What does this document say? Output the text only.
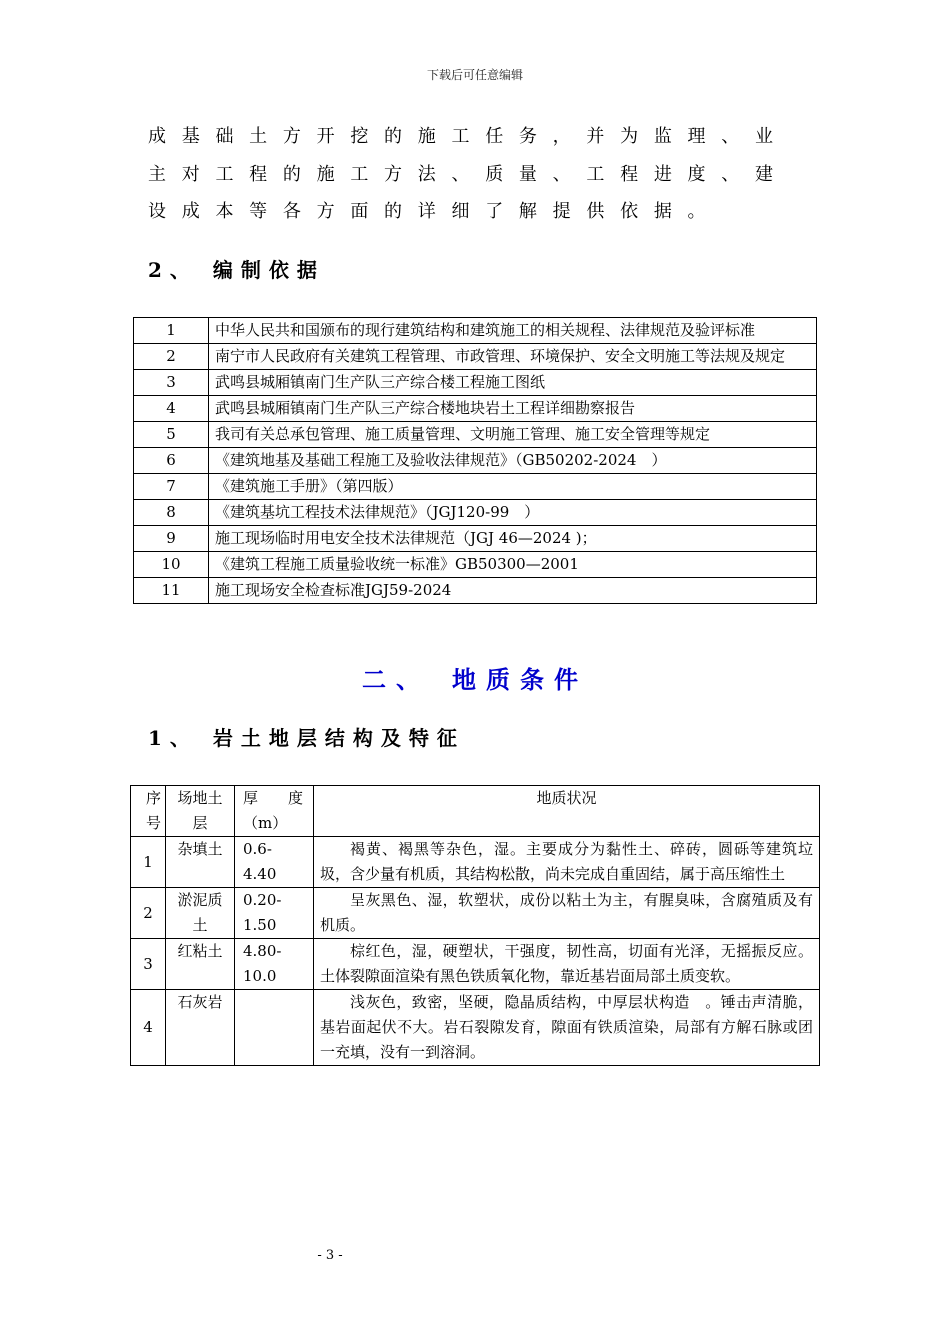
下载后可任意编辑
成 基 础 土 方 开 挖 的 施 工 任 务 ， 并 为 监 理 、 业
主 对 工 程 的 施 工 方 法 、 质 量 、 工 程 进 度 、 建
设 成 本 等 各 方 面 的 详 细 了 解 提 供 依 据 。
2、 编制依据
1	中华人民共和国颁布的现行建筑结构和建筑施工的相关规程、法律规范及验评标准
2	南宁市人民政府有关建筑工程管理、市政管理、环境保护、安全文明施工等法规及规定
3	武鸣县城厢镇南门生产队三产综合楼工程施工图纸
4	武鸣县城厢镇南门生产队三产综合楼地块岩土工程详细勘察报告
5	我司有关总承包管理、施工质量管理、文明施工管理、施工安全管理等规定
6	《建筑地基及基础工程施工及验收法律规范》（GB50202-2024　）
7	《建筑施工手册》（第四版）
8	《建筑基坑工程技术法律规范》（JGJ120-99　）
9	施工现场临时用电安全技术法律规范（JGJ 46—2024 )；
10	《建筑工程施工质量验收统一标准》GB50300—2001
11	施工现场安全检查标准JGJ59-2024
二、　地质条件
1、 岩土地层结构及特征
序号	场地土层	厚　　度（m）	地质状况
1	杂填土	0.6-4.40	褐黄、褐黑等杂色，湿。主要成分为黏性土、碎砖，圆砾等建筑垃圾，含少量有机质，其结构松散，尚未完成自重固结，属于高压缩性土
2	淤泥质土	0.20-1.50	呈灰黑色、湿，软塑状，成份以粘土为主，有腥臭味，含腐殖质及有机质。
3	红粘土	4.80-10.0	棕红色，湿，硬塑状，干强度，韧性高，切面有光泽，无摇振反应。土体裂隙面渲染有黑色铁质氧化物，靠近基岩面局部土质变软。
4	石灰岩		浅灰色，致密，坚硬，隐晶质结构，中厚层状构造　。锤击声清脆，基岩面起伏不大。岩石裂隙发育，隙面有铁质渲染，局部有方解石脉或团一充填，没有一到溶洞。
- 3 -
